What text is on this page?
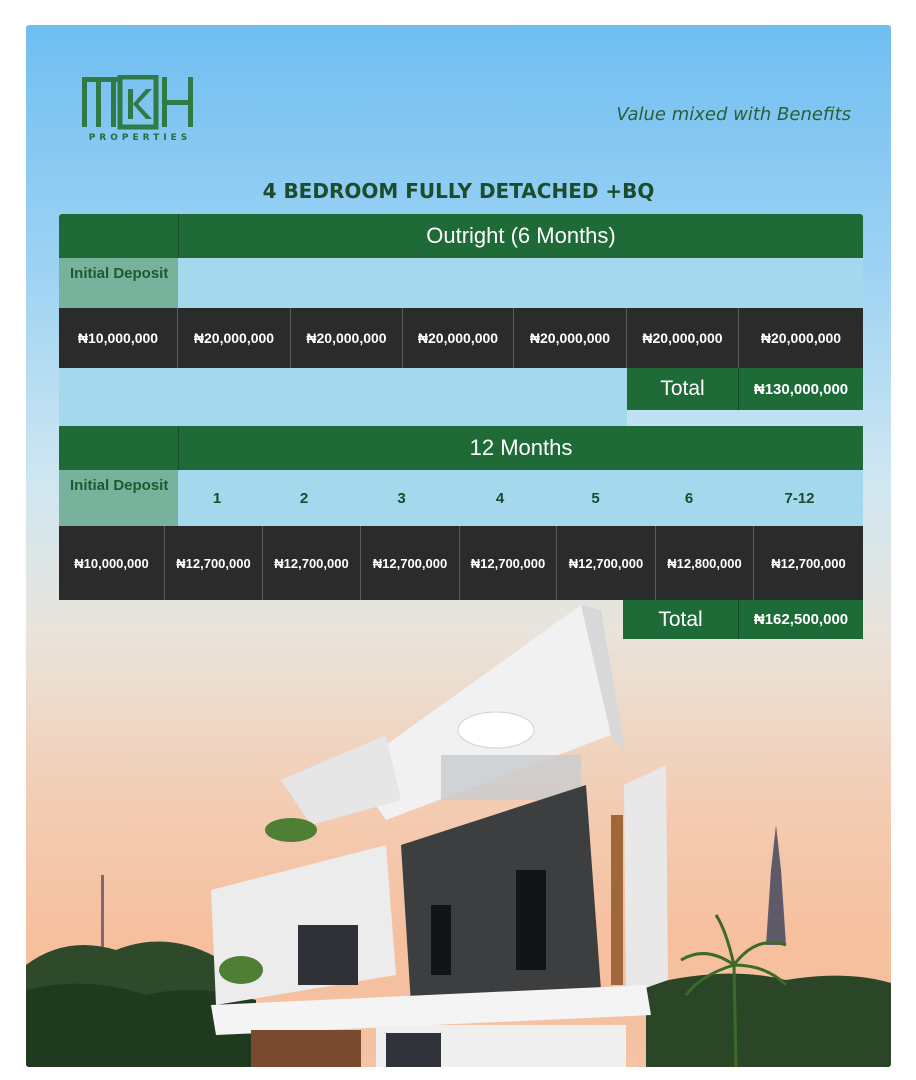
PROPERTIES
Value mixed with Benefits
4 BEDROOM FULLY DETACHED +BQ
Outright (6 Months)
Initial Deposit
₦10,000,000	₦20,000,000	₦20,000,000	₦20,000,000	₦20,000,000	₦20,000,000	₦20,000,000
Total	₦130,000,000
12 Months
Initial Deposit
1	2	3	4	5	6	7-12
₦10,000,000	₦12,700,000	₦12,700,000	₦12,700,000	₦12,700,000	₦12,700,000	₦12,800,000	₦12,700,000
Total	₦162,500,000
